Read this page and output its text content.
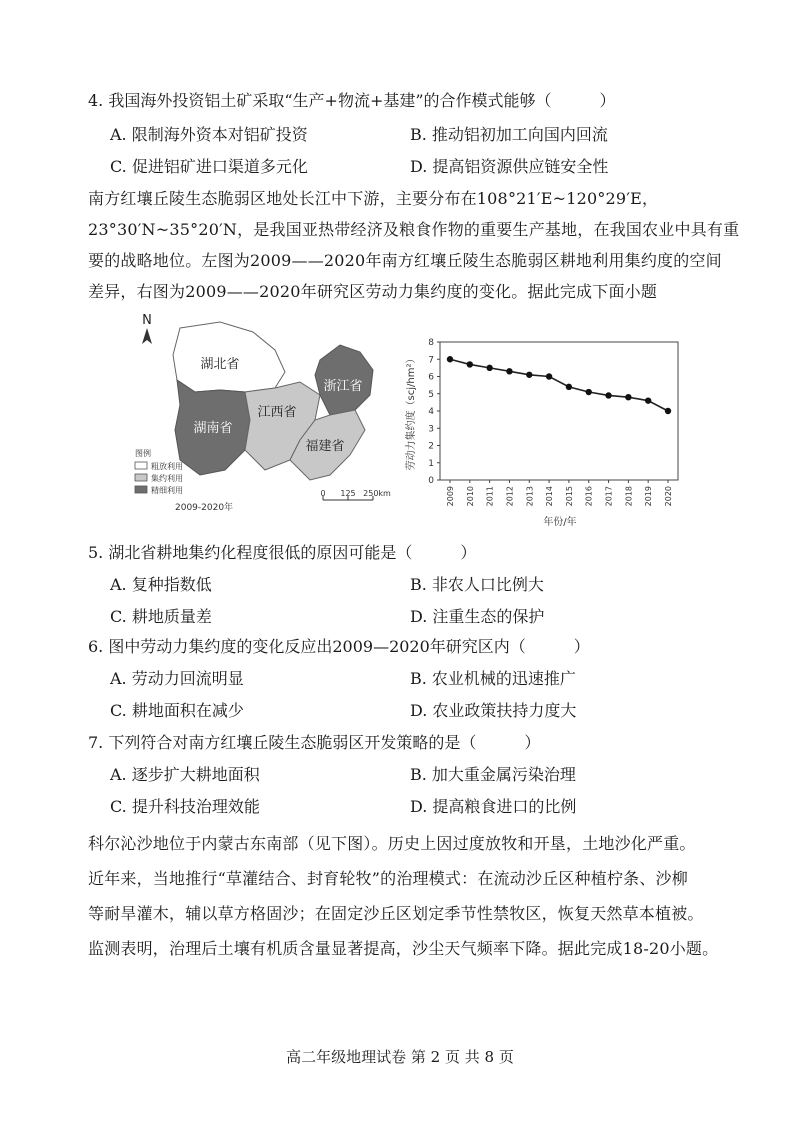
4. 我国海外投资铝土矿采取“生产+物流+基建”的合作模式能够（　　　）
A. 限制海外资本对铝矿投资	B. 推动铝初加工向国内回流
C. 促进铝矿进口渠道多元化	D. 提高铝资源供应链安全性
南方红壤丘陵生态脆弱区地处长江中下游，主要分布在108°21′E~120°29′E，
23°30′N~35°20′N，是我国亚热带经济及粮食作物的重要生产基地，在我国农业中具有重
要的战略地位。左图为2009——2020年南方红壤丘陵生态脆弱区耕地利用集约度的空间
差异，右图为2009——2020年研究区劳动力集约度的变化。据此完成下面小题
N
湖北省
湖南省
江西省
浙江省
福建省
图例
粗放利用
集约利用
精细利用
2009-2020年
0 125 250km
0
1
2
3
4
5
6
7
8
2009 2010 2011 2012 2013 2014 2015 2016 2017 2018 2019 2020
劳动力集约度（scj/hm²）
年份/年
5. 湖北省耕地集约化程度很低的原因可能是（　　　）
A. 复种指数低	B. 非农人口比例大
C. 耕地质量差	D. 注重生态的保护
6. 图中劳动力集约度的变化反应出2009—2020年研究区内（　　　）
A. 劳动力回流明显	B. 农业机械的迅速推广
C. 耕地面积在减少	D. 农业政策扶持力度大
7. 下列符合对南方红壤丘陵生态脆弱区开发策略的是（　　　）
A. 逐步扩大耕地面积	B. 加大重金属污染治理
C. 提升科技治理效能	D. 提高粮食进口的比例
科尔沁沙地位于内蒙古东南部（见下图）。历史上因过度放牧和开垦，土地沙化严重。
近年来，当地推行“草灌结合、封育轮牧”的治理模式：在流动沙丘区种植柠条、沙柳
等耐旱灌木，辅以草方格固沙；在固定沙丘区划定季节性禁牧区，恢复天然草本植被。
监测表明，治理后土壤有机质含量显著提高，沙尘天气频率下降。据此完成18-20小题。
高二年级地理试卷 第 2 页 共 8 页
